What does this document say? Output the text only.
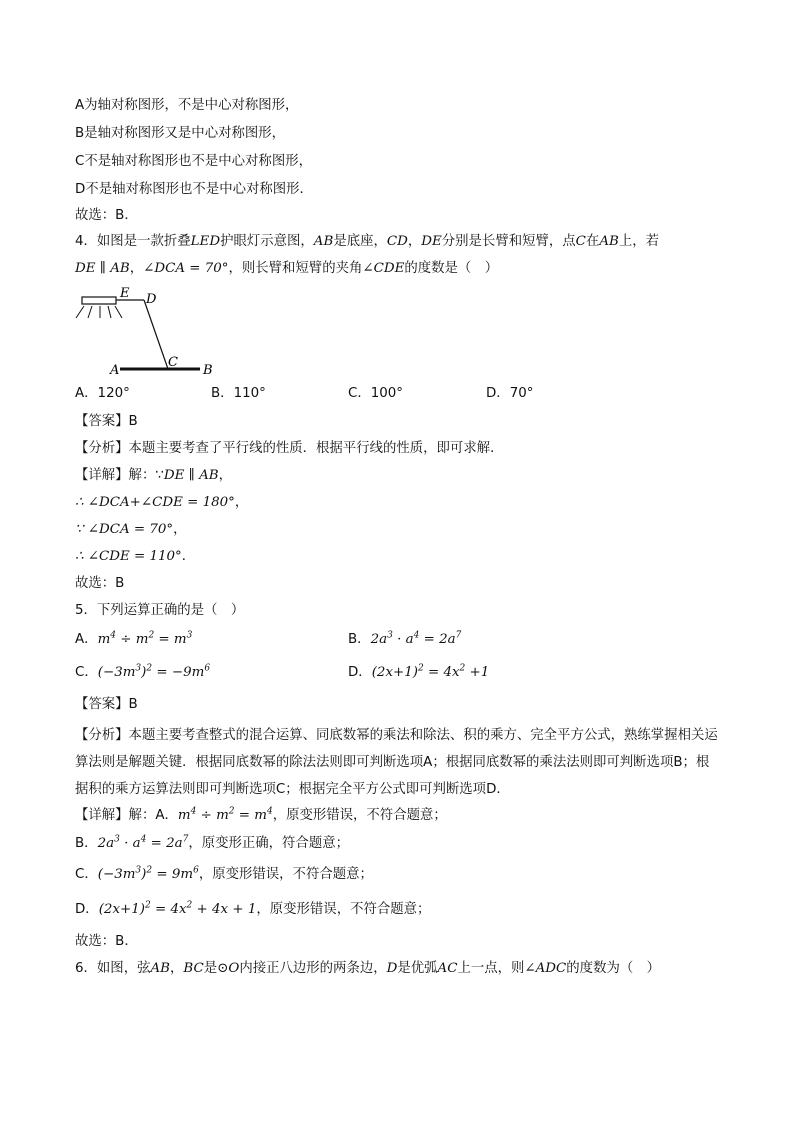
A为轴对称图形，不是中心对称图形，
B是轴对称图形又是中心对称图形，
C不是轴对称图形也不是中心对称图形，
D不是轴对称图形也不是中心对称图形．
故选：B．
4．如图是一款折叠LED护眼灯示意图，AB是底座，CD，DE分别是长臂和短臂，点C在AB上，若
DE ∥ AB，∠DCA = 70°，则长臂和短臂的夹角∠CDE的度数是（　）
E D
C
A	B
A．120°	B．110°	C．100°	D．70°
【答案】B
【分析】本题主要考查了平行线的性质．根据平行线的性质，即可求解．
【详解】解：∵DE ∥ AB，
∴ ∠DCA+∠CDE = 180°，
∵ ∠DCA = 70°，
∴ ∠CDE = 110°．
故选：B
5．下列运算正确的是（　）
A．$m^4 \div m^2 = m^3$	B．$2a^3 \cdot a^4 = 2a^7$
C．$(-3m^3)^2 = -9m^6$	D．$(2x+1)^2 = 4x^2 +1$
【答案】B
【分析】本题主要考查整式的混合运算、同底数幂的乘法和除法、积的乘方、完全平方公式，熟练掌握相关运算法则是解题关键．根据同底数幂的除法法则即可判断选项A；根据同底数幂的乘法法则即可判断选项B；根据积的乘方运算法则即可判断选项C；根据完全平方公式即可判断选项D．
【详解】解：A．$m^4 \div m^2 = m^4$，原变形错误，不符合题意；
B．$2a^3 \cdot a^4 = 2a^7$，原变形正确，符合题意；
C．$(-3m^3)^2 = 9m^6$，原变形错误，不符合题意；
D．$(2x+1)^2 = 4x^2 + 4x + 1$，原变形错误，不符合题意；
故选：B．
6．如图，弦AB，BC是⊙O内接正八边形的两条边，D是优弧AC上一点，则∠ADC的度数为（　）
